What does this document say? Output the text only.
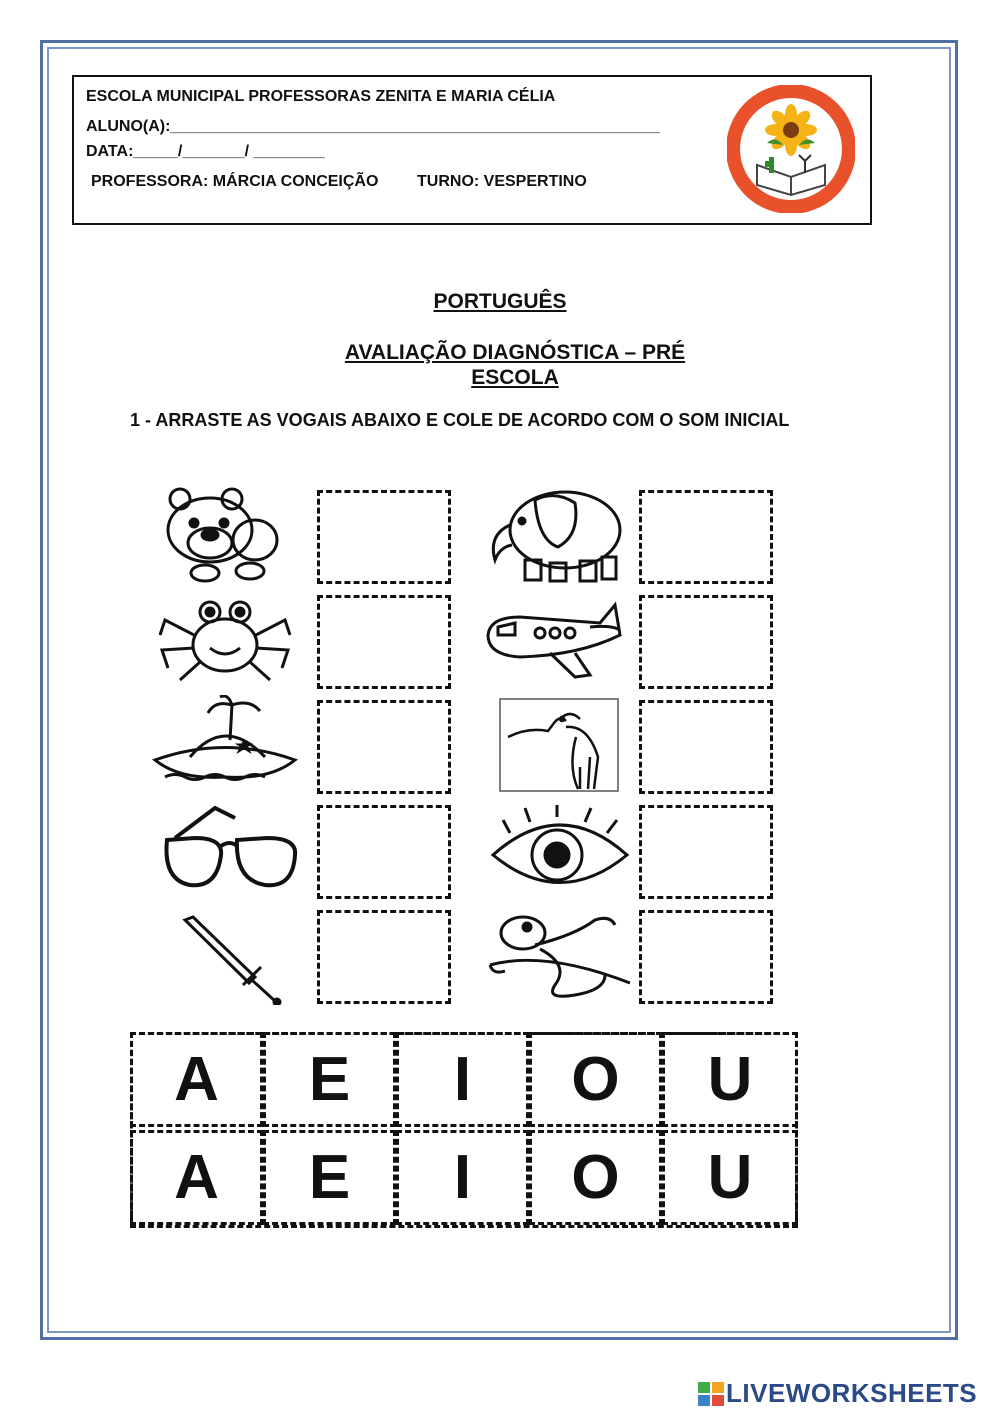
ESCOLA MUNICIPAL PROFESSORAS ZENITA E MARIA CÉLIA
ALUNO(A):_______________________________________________________
DATA:_____/_______/ ________
PROFESSORA: MÁRCIA CONCEIÇÃO TURNO: VESPERTINO
PORTUGUÊS
AVALIAÇÃO DIAGNÓSTICA – PRÉ
ESCOLA
1 - ARRASTE AS VOGAIS ABAIXO E COLE DE ACORDO COM O SOM INICIAL
A	E	I	O	U
A	E	I	O	U
LIVEWORKSHEETS
